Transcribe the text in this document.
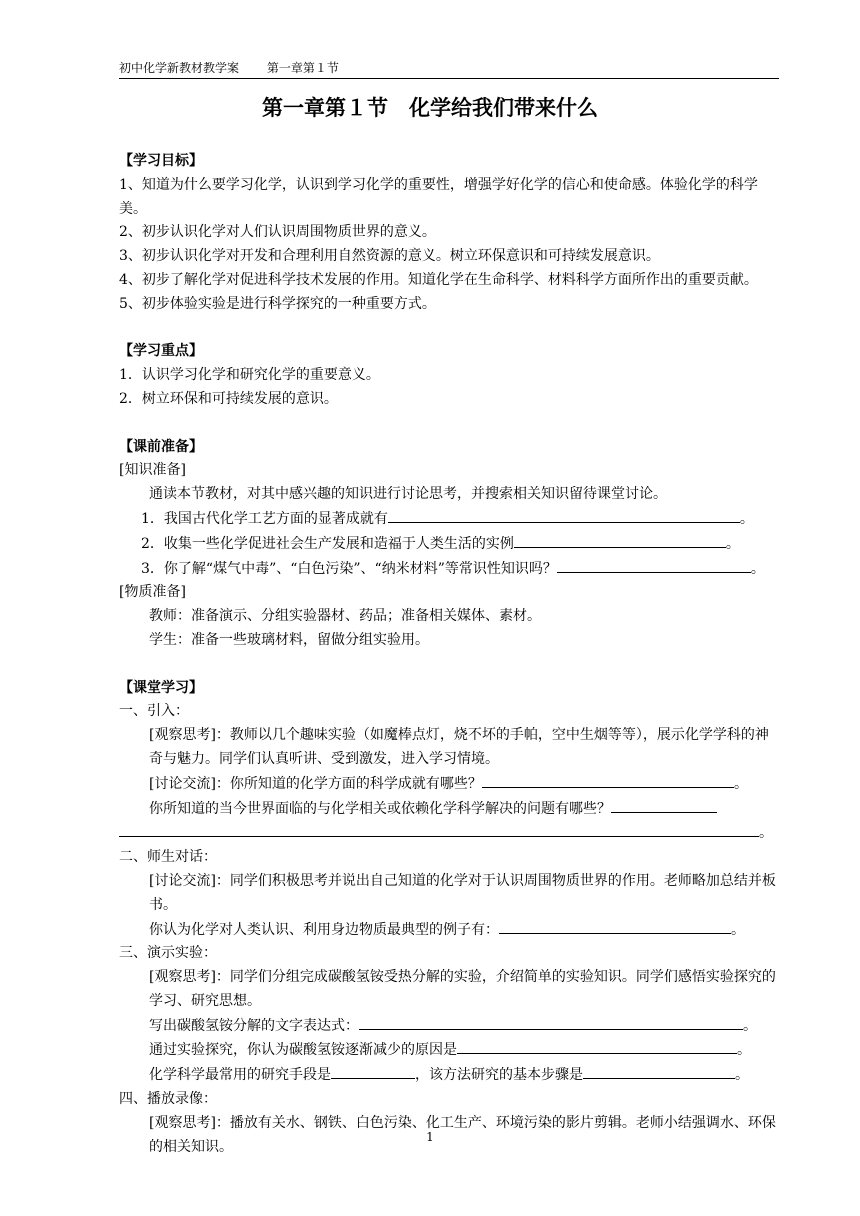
初中化学新教材教学案 第一章第１节
第一章第１节　化学给我们带来什么

【学习目标】

1、知道为什么要学习化学，认识到学习化学的重要性，增强学好化学的信心和使命感。体验化学的科学美。

2、初步认识化学对人们认识周围物质世界的意义。

3、初步认识化学对开发和合理利用自然资源的意义。树立环保意识和可持续发展意识。

4、初步了解化学对促进科学技术发展的作用。知道化学在生命科学、材料科学方面所作出的重要贡献。

5、初步体验实验是进行科学探究的一种重要方式。

【学习重点】

1．认识学习化学和研究化学的重要意义。

2．树立环保和可持续发展的意识。

【课前准备】

[知识准备]

通读本节教材，对其中感兴趣的知识进行讨论思考，并搜索相关知识留待课堂讨论。

1．我国古代化学工艺方面的显著成就有	。

2．收集一些化学促进社会生产发展和造福于人类生活的实例	。

3．你了解“煤气中毒”、“白色污染”、“纳米材料”等常识性知识吗？	。

[物质准备]

教师：准备演示、分组实验器材、药品；准备相关媒体、素材。

学生：准备一些玻璃材料，留做分组实验用。

【课堂学习】

一、引入：

[观察思考]：教师以几个趣味实验（如魔棒点灯，烧不坏的手帕，空中生烟等等），展示化学学科的神奇与魅力。同学们认真听讲、受到激发，进入学习情境。

[讨论交流]：你所知道的化学方面的科学成就有哪些？	。

你所知道的当今世界面临的与化学相关或依赖化学科学解决的问题有哪些？

。

二、师生对话：

[讨论交流]：同学们积极思考并说出自己知道的化学对于认识周围物质世界的作用。老师略加总结并板书。

你认为化学对人类认识、利用身边物质最典型的例子有：	。

三、演示实验：

[观察思考]：同学们分组完成碳酸氢铵受热分解的实验，介绍简单的实验知识。同学们感悟实验探究的学习、研究思想。

写出碳酸氢铵分解的文字表达式：	。

通过实验探究，你认为碳酸氢铵逐渐减少的原因是	。

化学科学最常用的研究手段是	，该方法研究的基本步骤是	。

四、播放录像：

[观察思考]：播放有关水、钢铁、白色污染、化工生产、环境污染的影片剪辑。老师小结强调水、环保的相关知识。

1
